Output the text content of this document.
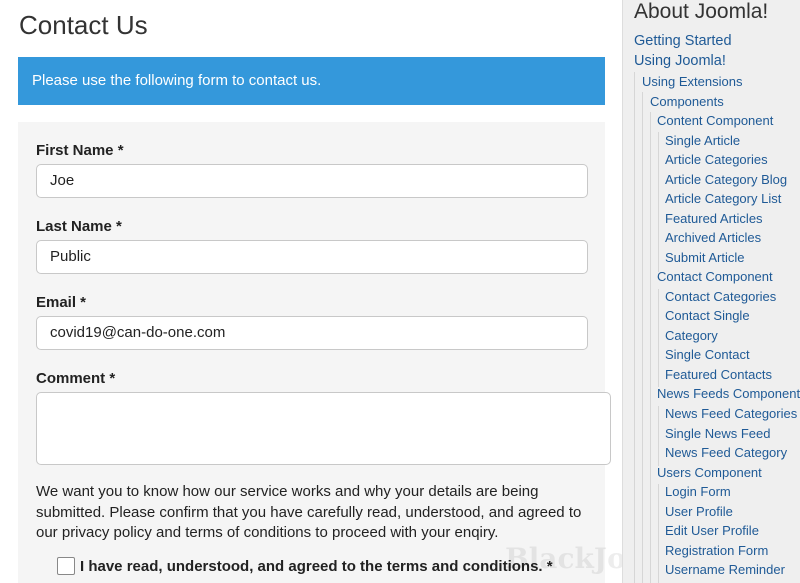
Contact Us
Please use the following form to contact us.
First Name *
Joe
Last Name *
Public
Email *
covid19@can-do-one.com
Comment *

We want you to know how our service works and why your details are being submitted. Please confirm that you have carefully read, understood, and agreed to our privacy policy and terms of conditions to proceed with your enqiry.

I have read, understood, and agreed to the terms and conditions. *
About Joomla!
Getting Started
Using Joomla!
Using Extensions
Components
Content Component
Single Article
Article Categories
Article Category Blog
Article Category List
Featured Articles
Archived Articles
Submit Article
Contact Component
Contact Categories
Contact Single
Category
Single Contact
Featured Contacts
News Feeds Component
News Feed Categories
Single News Feed
News Feed Category
Users Component
Login Form
User Profile
Edit User Profile
Registration Form
Username Reminder
